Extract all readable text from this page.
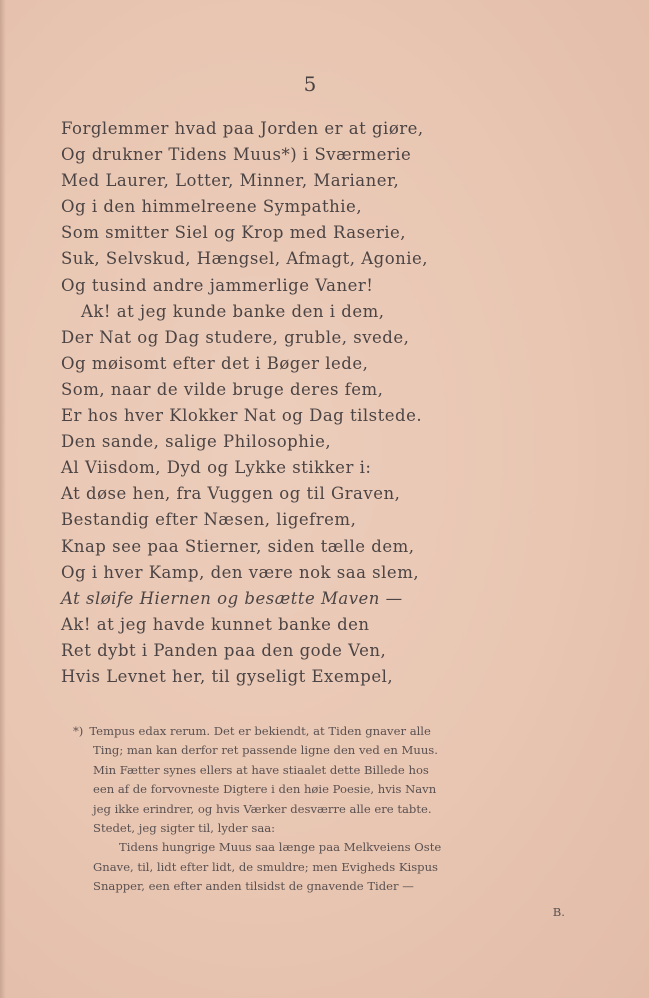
5
Forglemmer hvad paa Jorden er at giøre,
Og drukner Tidens Muus*) i Sværmerie
Med Laurer, Lotter, Minner, Marianer,
Og i den himmelreene Sympathie,
Som smitter Siel og Krop med Raserie,
Suk, Selvskud, Hængsel, Afmagt, Agonie,
Og tusind andre jammerlige Vaner!
Ak! at jeg kunde banke den i dem,
Der Nat og Dag studere, gruble, svede,
Og møisomt efter det i Bøger lede,
Som, naar de vilde bruge deres fem,
Er hos hver Klokker Nat og Dag tilstede.
Den sande, salige Philosophie,
Al Viisdom, Dyd og Lykke stikker i:
At døse hen, fra Vuggen og til Graven,
Bestandig efter Næsen, ligefrem,
Knap see paa Stierner, siden tælle dem,
Og i hver Kamp, den være nok saa slem,
At sløife Hiernen og besætte Maven —
Ak! at jeg havde kunnet banke den
Ret dybt i Panden paa den gode Ven,
Hvis Levnet her, til gyseligt Exempel,
*) Tempus edax rerum. Det er bekiendt, at Tiden gnaver alle
Ting; man kan derfor ret passende ligne den ved en Muus.
Min Fætter synes ellers at have stiaalet dette Billede hos
een af de forvovneste Digtere i den høie Poesie, hvis Navn
jeg ikke erindrer, og hvis Værker desværre alle ere tabte.
Stedet, jeg sigter til, lyder saa:
Tidens hungrige Muus saa længe paa Melkveiens Oste
Gnave, til, lidt efter lidt, de smuldre; men Evigheds Kispus
Snapper, een efter anden tilsidst de gnavende Tider —
B.
